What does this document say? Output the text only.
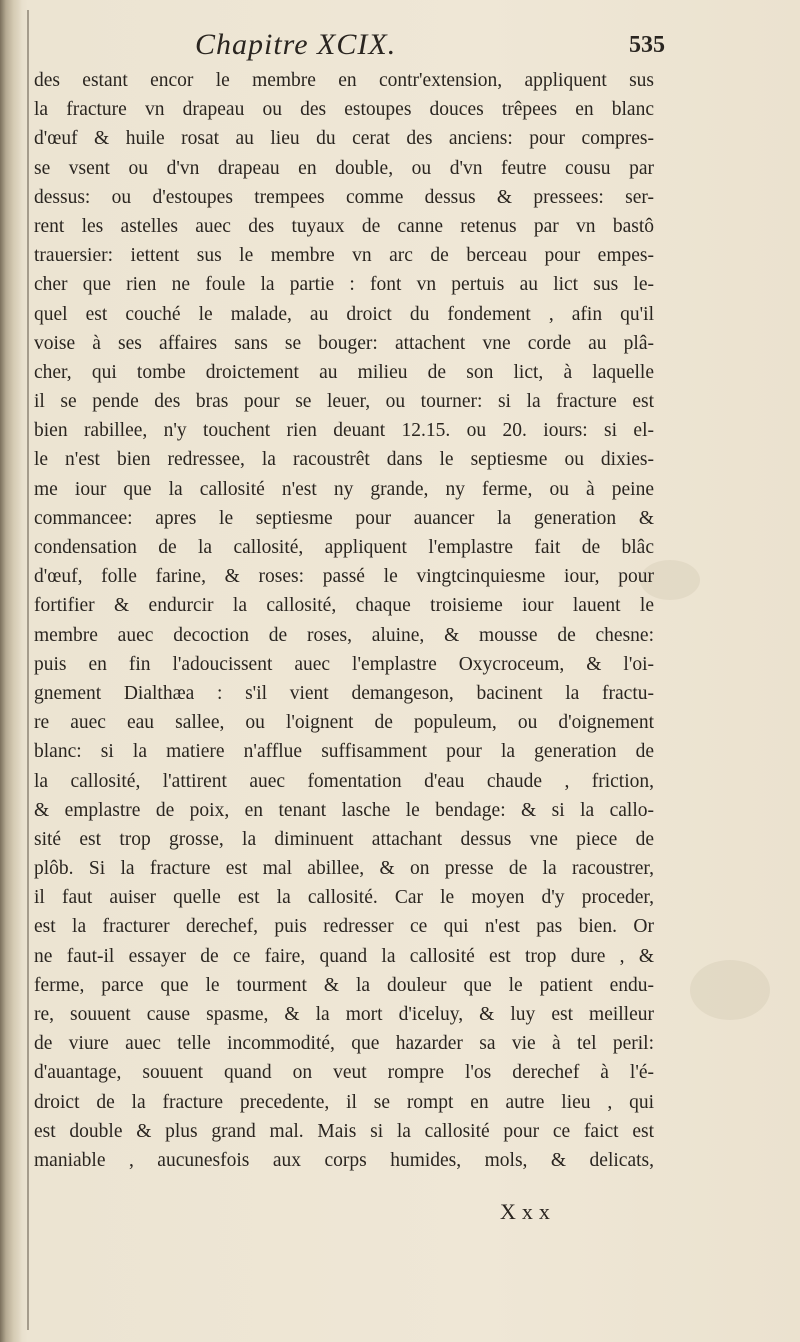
Chapitre XCIX.	535
des estant encor le membre en contr'extension, appliquent sus
la fracture vn drapeau ou des estoupes douces trêpees en blanc
d'œuf & huile rosat au lieu du cerat des anciens: pour compres-
se vsent ou d'vn drapeau en double, ou d'vn feutre cousu par
dessus: ou d'estoupes trempees comme dessus & pressees: ser-
rent les astelles auec des tuyaux de canne retenus par vn bastô
trauersier: iettent sus le membre vn arc de berceau pour empes-
cher que rien ne foule la partie : font vn pertuis au lict sus le-
quel est couché le malade, au droict du fondement , afin qu'il
voise à ses affaires sans se bouger: attachent vne corde au plâ-
cher, qui tombe droictement au milieu de son lict, à laquelle
il se pende des bras pour se leuer, ou tourner: si la fracture est
bien rabillee, n'y touchent rien deuant 12.15. ou 20. iours: si el-
le n'est bien redressee, la racoustrêt dans le septiesme ou dixies-
me iour que la callosité n'est ny grande, ny ferme, ou à peine
commancee: apres le septiesme pour auancer la generation &
condensation de la callosité, appliquent l'emplastre fait de blâc
d'œuf, folle farine, & roses: passé le vingtcinquiesme iour, pour
fortifier & endurcir la callosité, chaque troisieme iour lauent le
membre auec decoction de roses, aluine, & mousse de chesne:
puis en fin l'adoucissent auec l'emplastre Oxycroceum, & l'oi-
gnement Dialthæa : s'il vient demangeson, bacinent la fractu-
re auec eau sallee, ou l'oignent de populeum, ou d'oignement
blanc: si la matiere n'afflue suffisamment pour la generation de
la callosité, l'attirent auec fomentation d'eau chaude , friction,
& emplastre de poix, en tenant lasche le bendage: & si la callo-
sité est trop grosse, la diminuent attachant dessus vne piece de
plôb. Si la fracture est mal abillee, & on presse de la racoustrer,
il faut auiser quelle est la callosité. Car le moyen d'y proceder,
est la fracturer derechef, puis redresser ce qui n'est pas bien. Or
ne faut-il essayer de ce faire, quand la callosité est trop dure , &
ferme, parce que le tourment & la douleur que le patient endu-
re, souuent cause spasme, & la mort d'iceluy, & luy est meilleur
de viure auec telle incommodité, que hazarder sa vie à tel peril:
d'auantage, souuent quand on veut rompre l'os derechef à l'é-
droict de la fracture precedente, il se rompt en autre lieu , qui
est double & plus grand mal. Mais si la callosité pour ce faict est
maniable , aucunesfois aux corps humides, mols, & delicats,
Xxx
